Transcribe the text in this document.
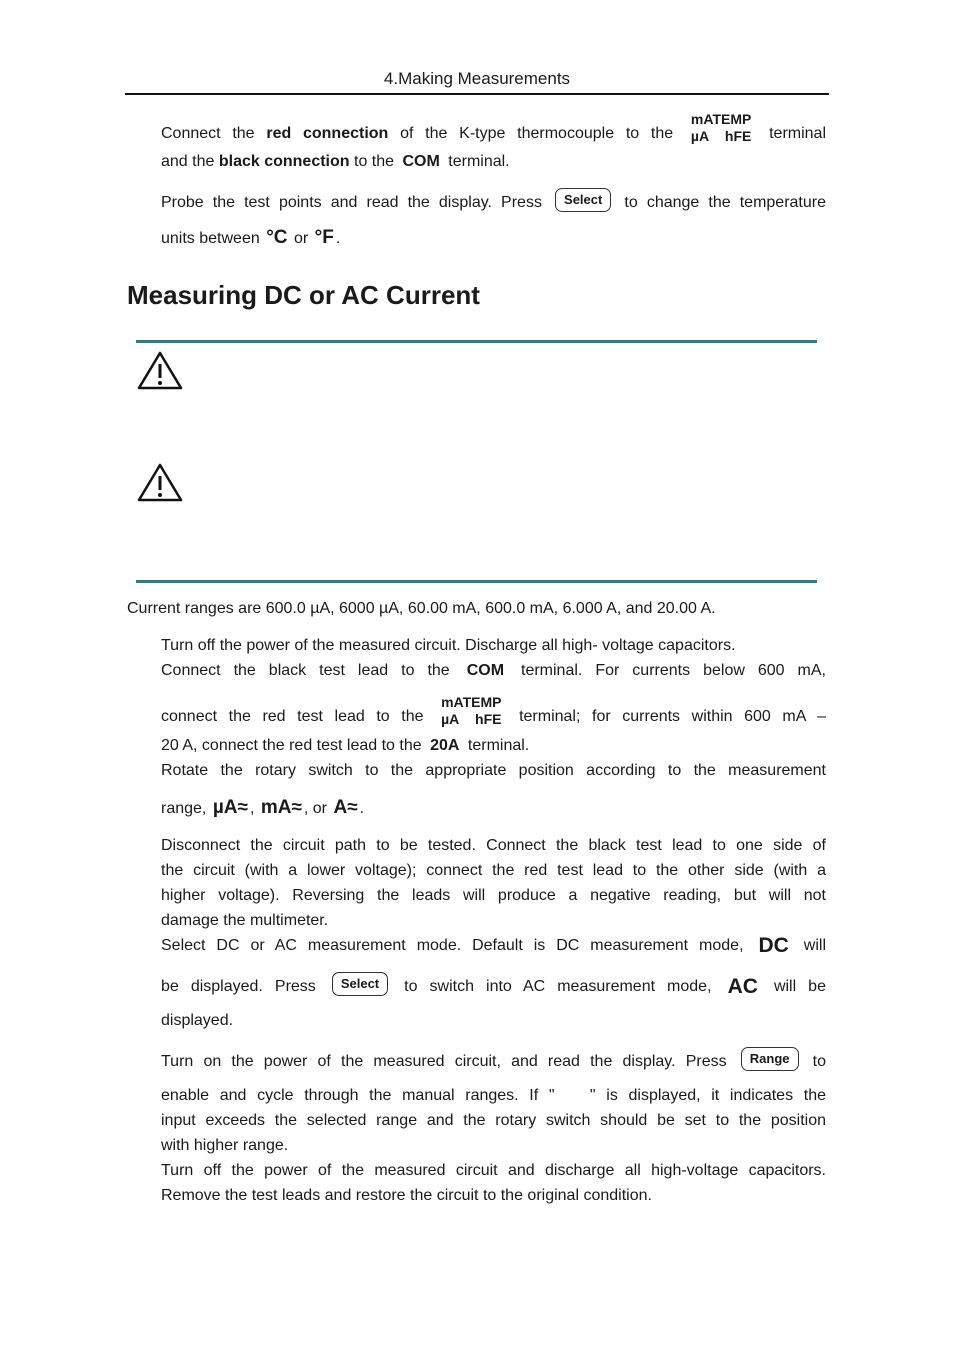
4.Making Measurements
Connect the red connection of the K-type thermocouple to the
mATEMP
µA hFE terminal
and the black connection to the COM terminal.
Probe the test points and read the display. Press Select to change the temperature
units between °C or °F .
Measuring DC or AC Current
Current ranges are 600.0 µA, 6000 µA, 60.00 mA, 600.0 mA, 6.000 A, and 20.00 A.
Turn off the power of the measured circuit. Discharge all high- voltage capacitors.
Connect the black test lead to the COM terminal. For currents below 600 mA,
connect the red test lead to the
mATEMP
µA hFE terminal; for currents within 600 mA –
20 A, connect the red test lead to the 20A terminal.
Rotate the rotary switch to the appropriate position according to the measurement
range, µA≈ , mA≈ , or A≈ .
Disconnect the circuit path to be tested. Connect the black test lead to one side of
the circuit (with a lower voltage); connect the red test lead to the other side (with a
higher voltage). Reversing the leads will produce a negative reading, but will not
damage the multimeter.
Select DC or AC measurement mode. Default is DC measurement mode, DC will
be displayed. Press Select to switch into AC measurement mode, AC will be
displayed.
Turn on the power of the measured circuit, and read the display. Press Range to
enable and cycle through the manual ranges. If " " is displayed, it indicates the
input exceeds the selected range and the rotary switch should be set to the position
with higher range.
Turn off the power of the measured circuit and discharge all high-voltage capacitors.
Remove the test leads and restore the circuit to the original condition.
